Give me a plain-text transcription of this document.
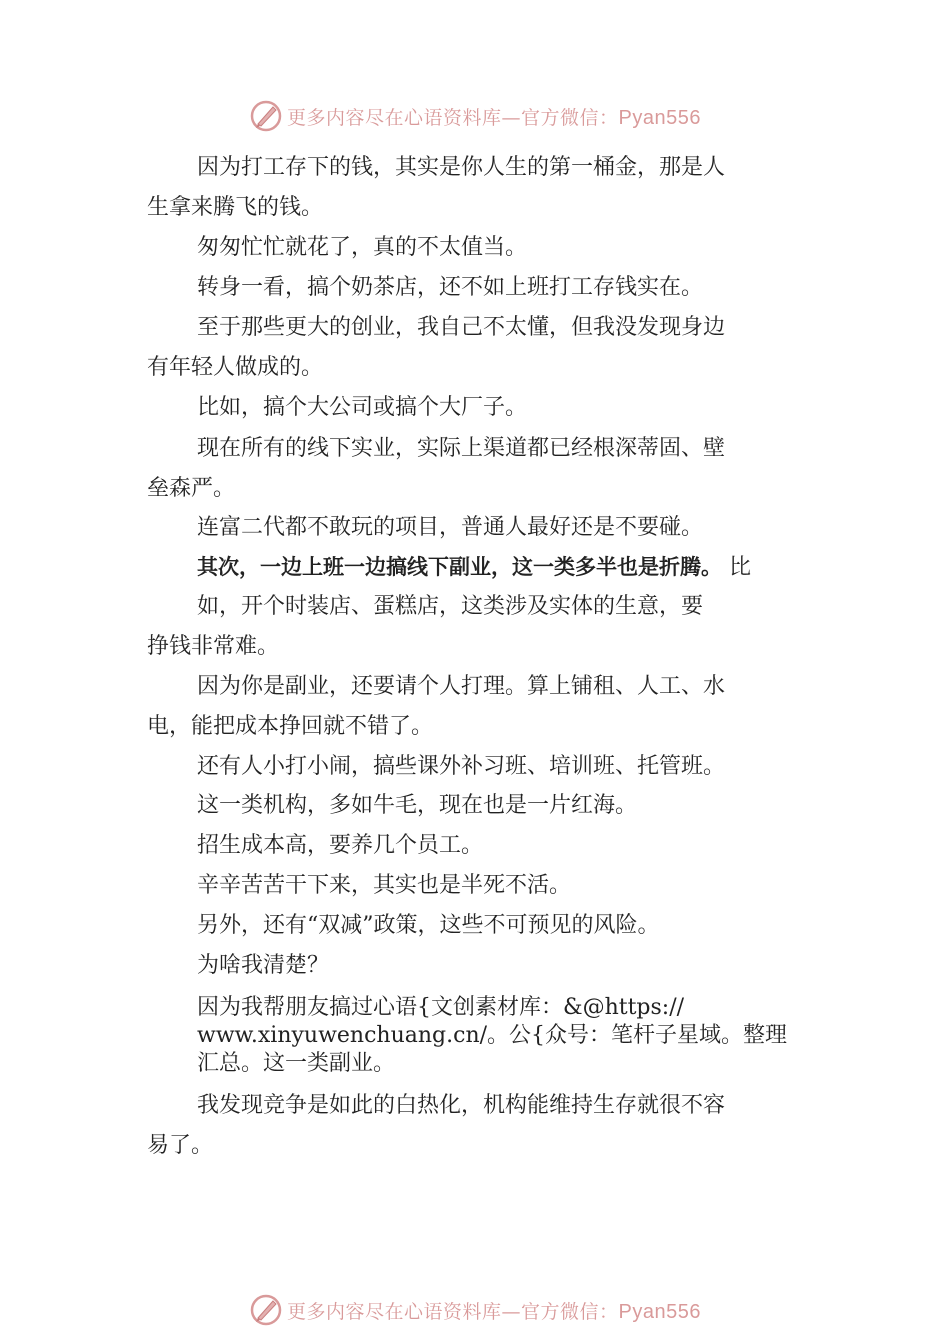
更多内容尽在心语资料库—官方微信：Pyan556
因为打工存下的钱，其实是你人生的第一桶金，那是人
生拿来腾飞的钱。
匆匆忙忙就花了，真的不太值当。
转身一看，搞个奶茶店，还不如上班打工存钱实在。
至于那些更大的创业，我自己不太懂，但我没发现身边
有年轻人做成的。
比如，搞个大公司或搞个大厂子。
现在所有的线下实业，实际上渠道都已经根深蒂固、壁
垒森严。
连富二代都不敢玩的项目，普通人最好还是不要碰。
其次，一边上班一边搞线下副业，这一类多半也是折腾。 比
如，开个时装店、蛋糕店，这类涉及实体的生意，要
挣钱非常难。
因为你是副业，还要请个人打理。算上铺租、人工、水
电，能把成本挣回就不错了。
还有人小打小闹，搞些课外补习班、培训班、托管班。
这一类机构，多如牛毛，现在也是一片红海。
招生成本高，要养几个员工。
辛辛苦苦干下来，其实也是半死不活。
另外，还有“双减”政策，这些不可预见的风险。
为啥我清楚？
因为我帮朋友搞过心语{文创素材库：&@https://
www.xinyuwenchuang.cn/。公{众号：笔杆子星域。整理
汇总。这一类副业。
我发现竞争是如此的白热化，机构能维持生存就很不容
易了。
更多内容尽在心语资料库—官方微信：Pyan556
